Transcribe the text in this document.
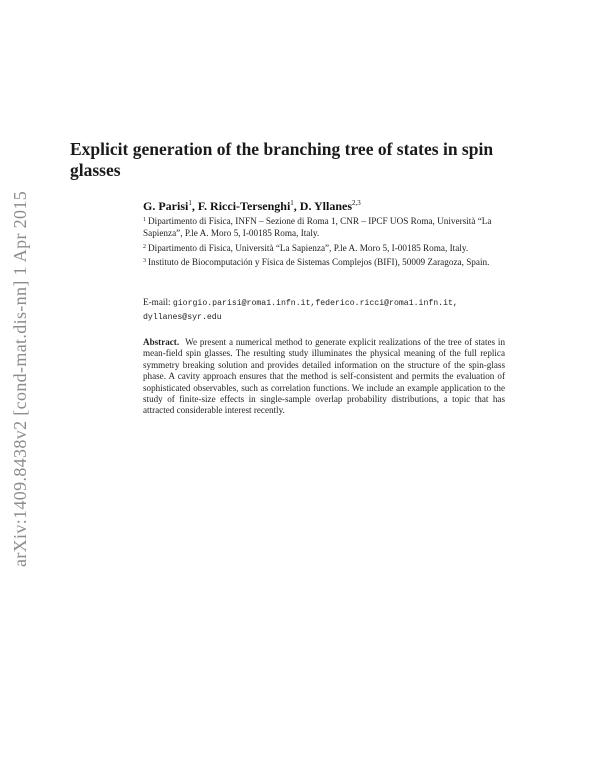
arXiv:1409.8438v2 [cond-mat.dis-nn] 1 Apr 2015
Explicit generation of the branching tree of states in spin glasses
G. Parisi$^1$, F. Ricci-Tersenghi$^1$, D. Yllanes$^{2,3}$
$^1$ Dipartimento di Fisica, INFN – Sezione di Roma 1, CNR – IPCF UOS Roma, Università “La Sapienza”, P.le A. Moro 5, I-00185 Roma, Italy.
$^2$ Dipartimento di Fisica, Università “La Sapienza”, P.le A. Moro 5, I-00185 Roma, Italy.
$^3$ Instituto de Biocomputación y Física de Sistemas Complejos (BIFI), 50009 Zaragoza, Spain.
E-mail: giorgio.parisi@roma1.infn.it,federico.ricci@roma1.infn.it, dyllanes@syr.edu

Abstract. We present a numerical method to generate explicit realizations of the tree of states in mean-field spin glasses. The resulting study illuminates the physical meaning of the full replica symmetry breaking solution and provides detailed information on the structure of the spin-glass phase. A cavity approach ensures that the method is self-consistent and permits the evaluation of sophisticated observables, such as correlation functions. We include an example application to the study of finite-size effects in single-sample overlap probability distributions, a topic that has attracted considerable interest recently.
